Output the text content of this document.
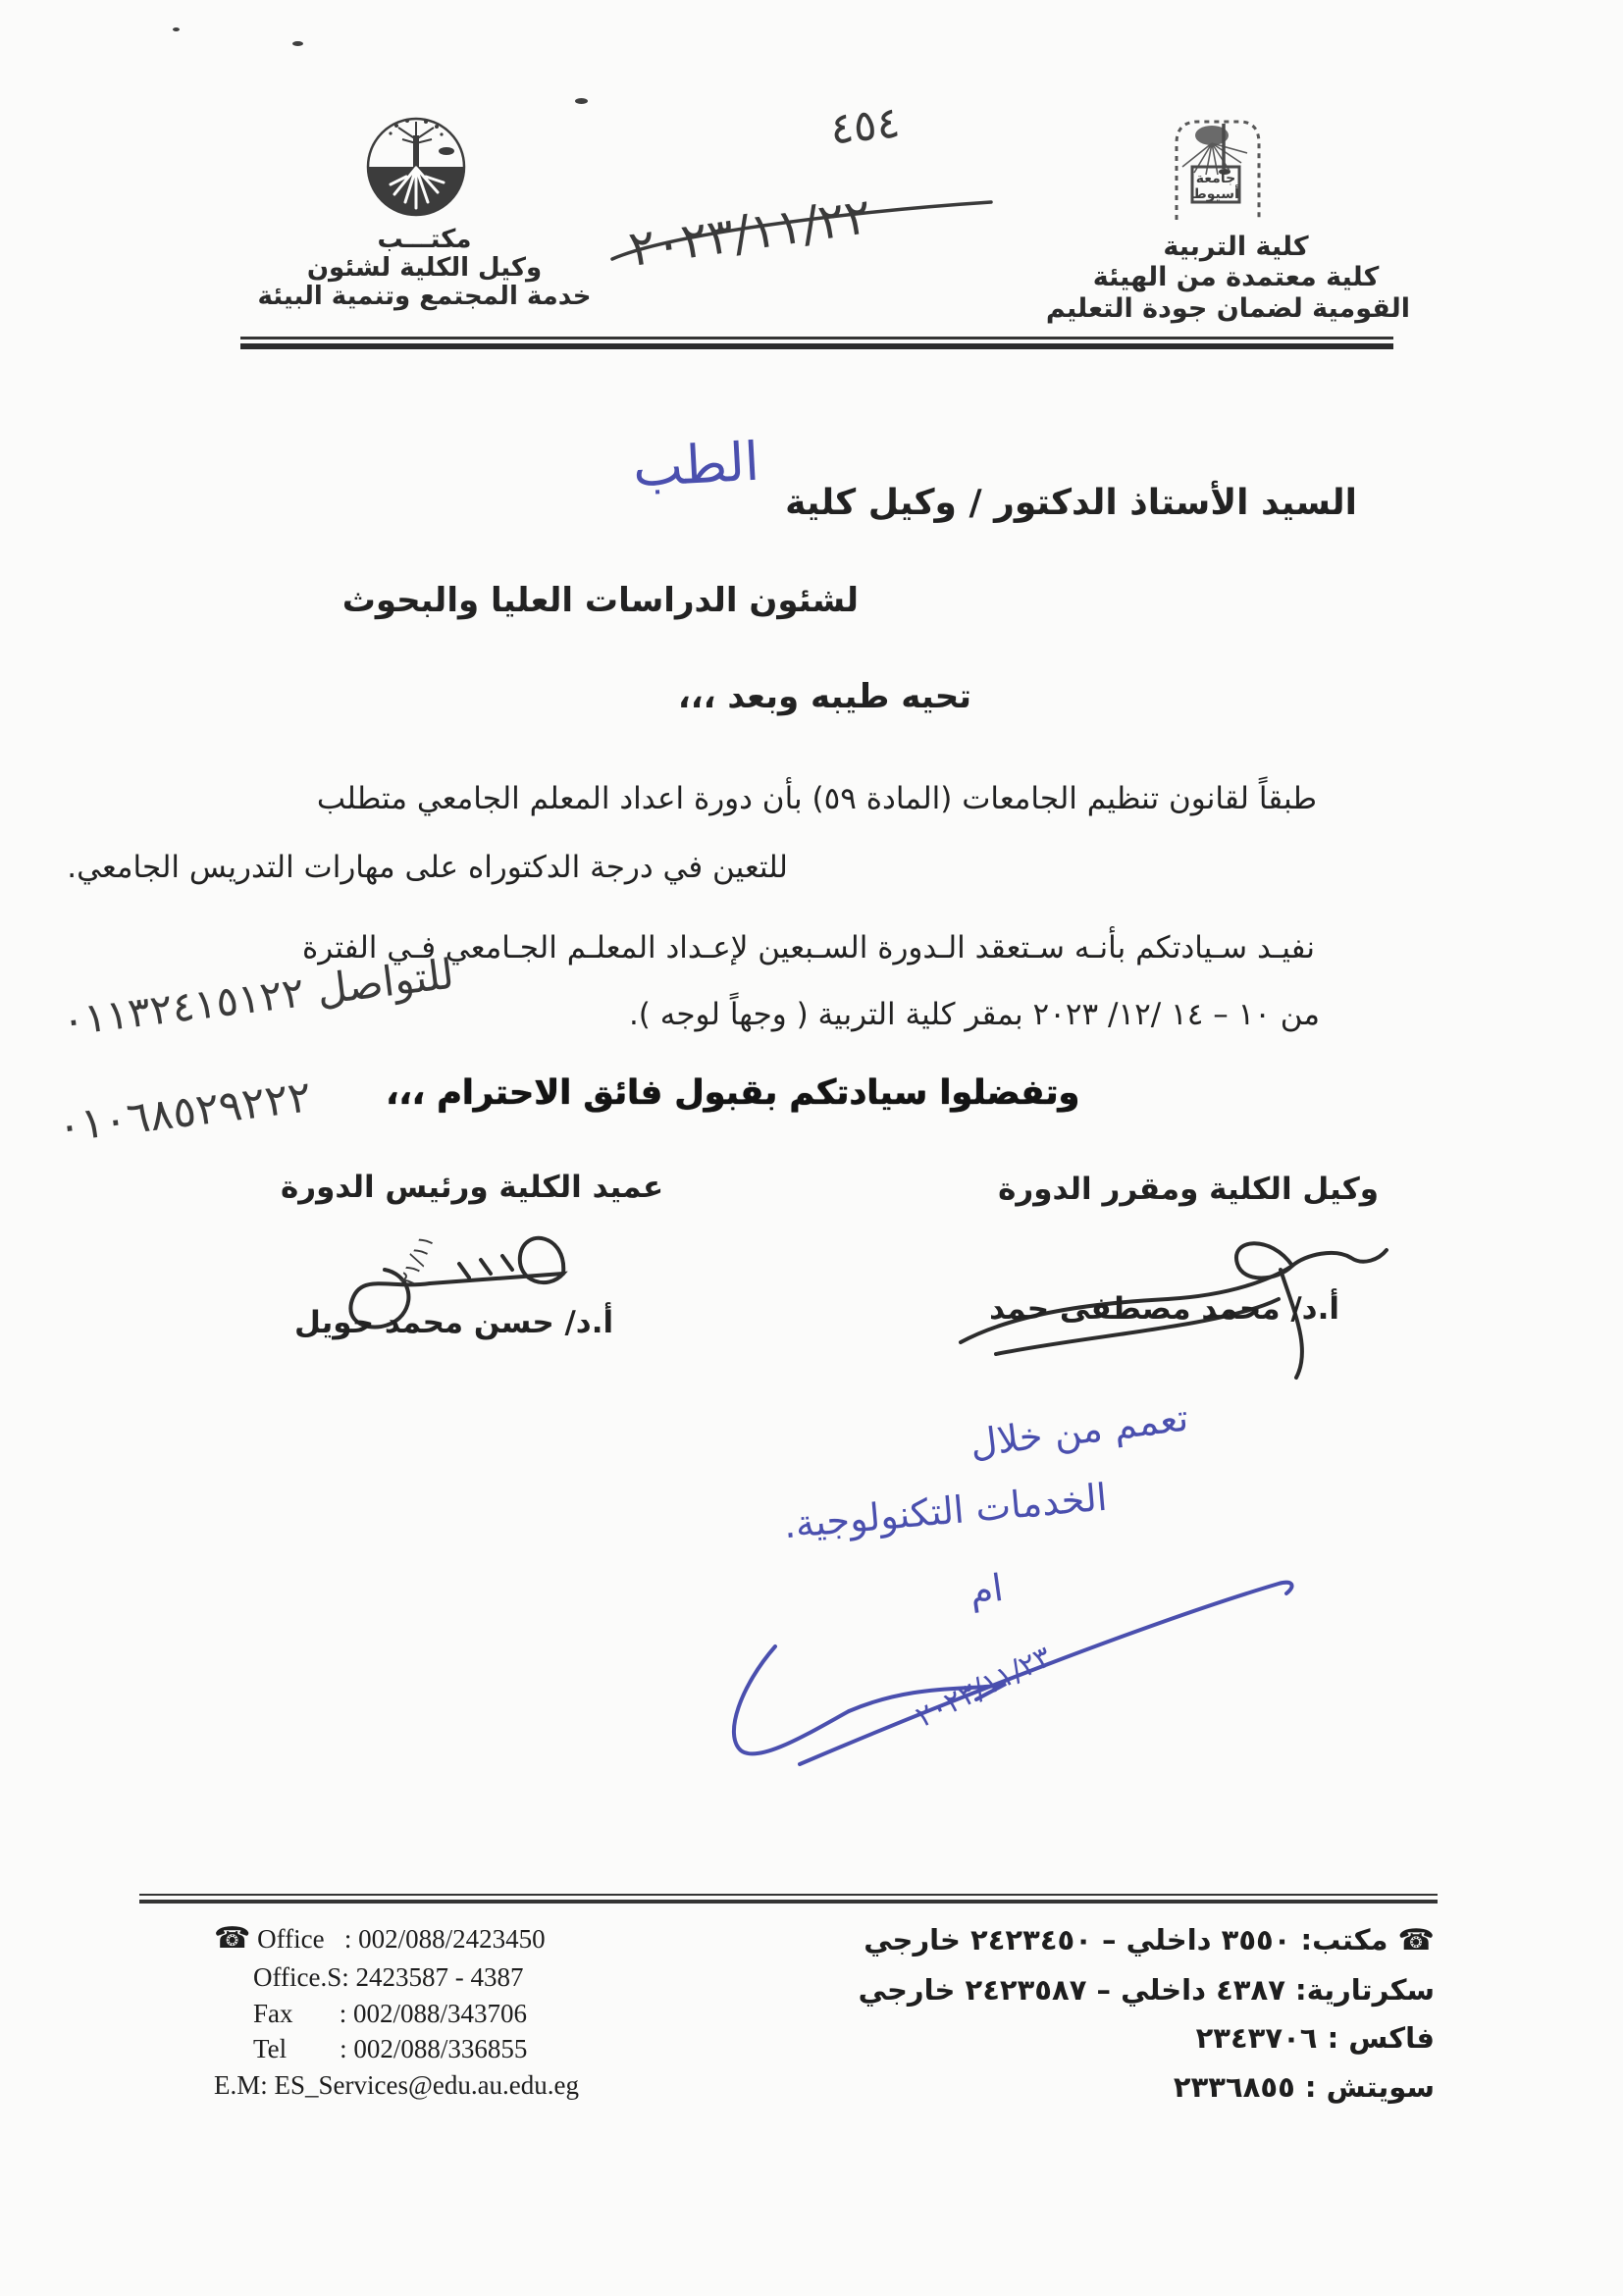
مكتـــب
وكيل الكلية لشئون
خدمة المجتمع وتنمية البيئة
٤٥٤
٢٠٢٣/١١/٢٢
جامعة
أسيوط
كلية التربية
كلية معتمدة من الهيئة
القومية لضمان جودة التعليم
السيد الأستاذ الدكتور / وكيل كلية
الطب
لشئون الدراسات العليا والبحوث
تحيه طيبه وبعد ،،،
طبقاً لقانون تنظيم الجامعات (المادة ٥٩) بأن دورة اعداد المعلم الجامعي متطلب
للتعين في درجة الدكتوراه على مهارات التدريس الجامعي.
نفيـد سـيادتكم بأنـه سـتعقد الـدورة السـبعين لإعـداد المعلـم الجـامعي فـي الفترة
من ١٠ – ١٤ /١٢/ ٢٠٢٣ بمقر كلية التربية ( وجهاً لوجه ).
للتواصل ٠١١٣٢٤١٥١٢٢
٠١٠٦٨٥٢٩٢٢٢ وتفضلوا سيادتكم بقبول فائق الاحترام ،،،
وكيل الكلية ومقرر الدورة
أ.د/ محمد مصطفى حمد
عميد الكلية ورئيس الدورة
٢١/١١
أ.د/ حسن محمد حويل
تعمم من خلال
الخدمات التكنولوجية.
ام
٢٠٢٣/١١/٢٣
☎ Office   : 002/088/2423450
Office.S: 2423587 - 4387
Fax       : 002/088/343706
Tel        : 002/088/336855
E.M: ES_Services@edu.au.edu.eg
☎ مكتب: ٣٥٥٠ داخلي – ٢٤٢٣٤٥٠ خارجي
سكرتارية: ٤٣٨٧ داخلي – ٢٤٢٣٥٨٧ خارجي
فاكس : ٢٣٤٣٧٠٦
سويتش : ٢٣٣٦٨٥٥
